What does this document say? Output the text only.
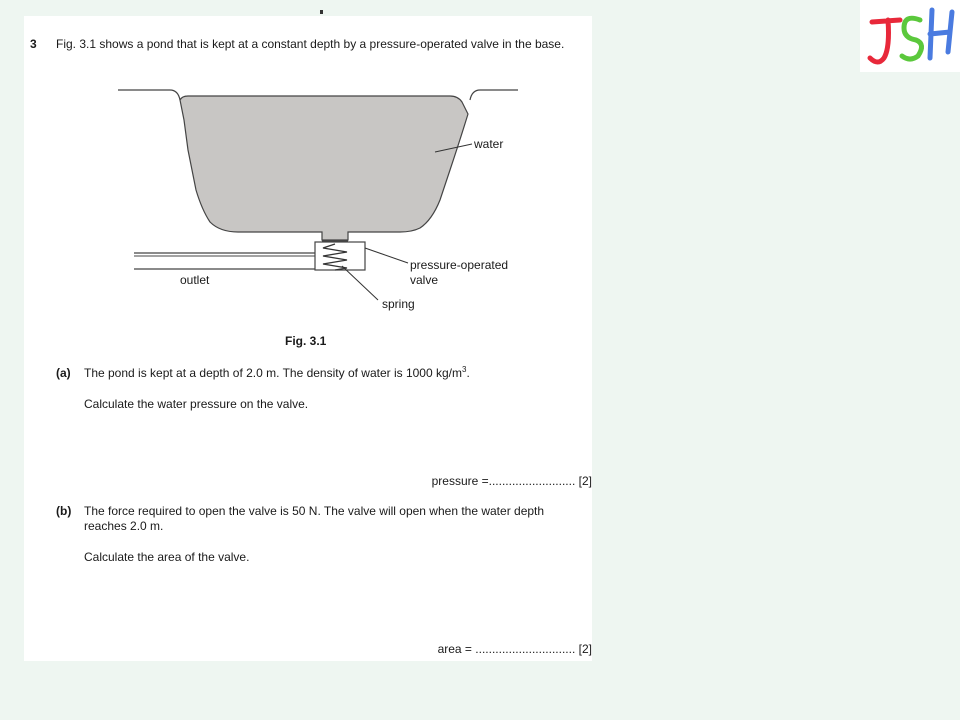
3 Fig. 3.1 shows a pond that is kept at a constant depth by a pressure-operated valve in the base.
water
pressure-operated
valve
outlet
spring
Fig. 3.1
(a) The pond is kept at a depth of 2.0 m. The density of water is 1000 $kg/m^3$.
Calculate the water pressure on the valve.
pressure =.......................... [2]
(b) The force required to open the valve is 50 N. The valve will open when the water depth reaches 2.0 m.
Calculate the area of the valve.
area = .............................. [2]
